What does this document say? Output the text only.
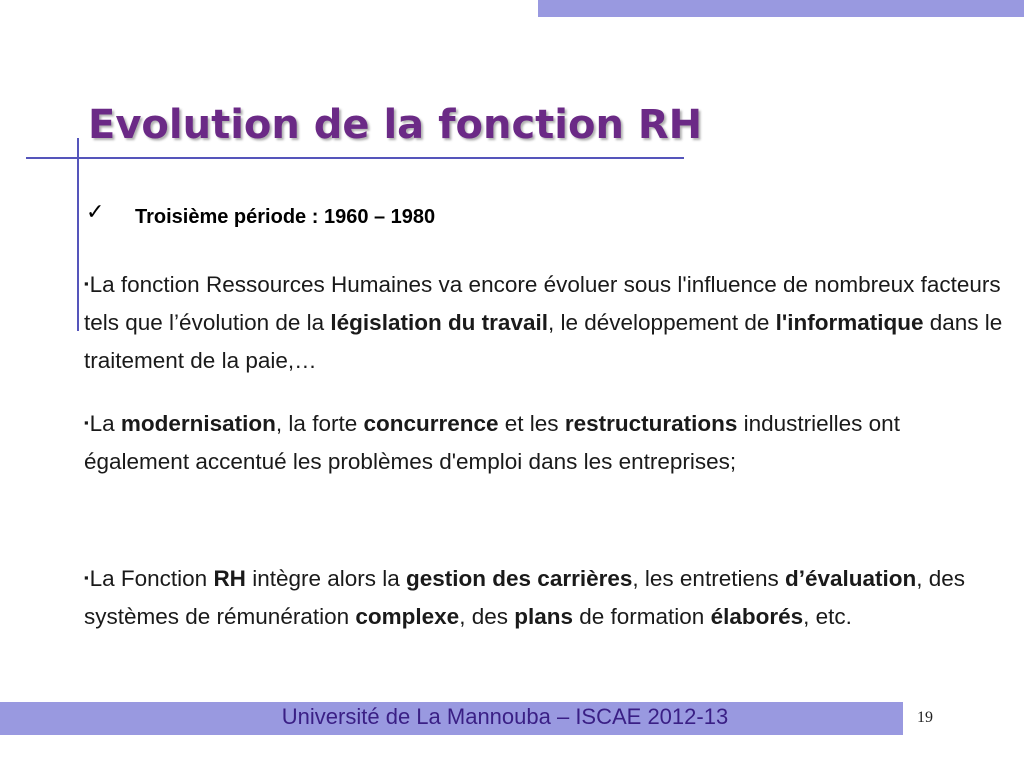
Evolution de la fonction RH
✓ Troisième période : 1960 – 1980

▪La fonction Ressources Humaines va encore évoluer sous l'influence de nombreux facteurs tels que l’évolution de la législation du travail, le développement de l'informatique dans le traitement de la paie,…

▪La modernisation, la forte concurrence et les restructurations industrielles ont également accentué les problèmes d'emploi dans les entreprises;

▪La Fonction RH intègre alors la gestion des carrières, les entretiens d’évaluation, des systèmes de rémunération complexe, des plans de formation élaborés, etc.

Université de La Mannouba – ISCAE 2012-13	19
